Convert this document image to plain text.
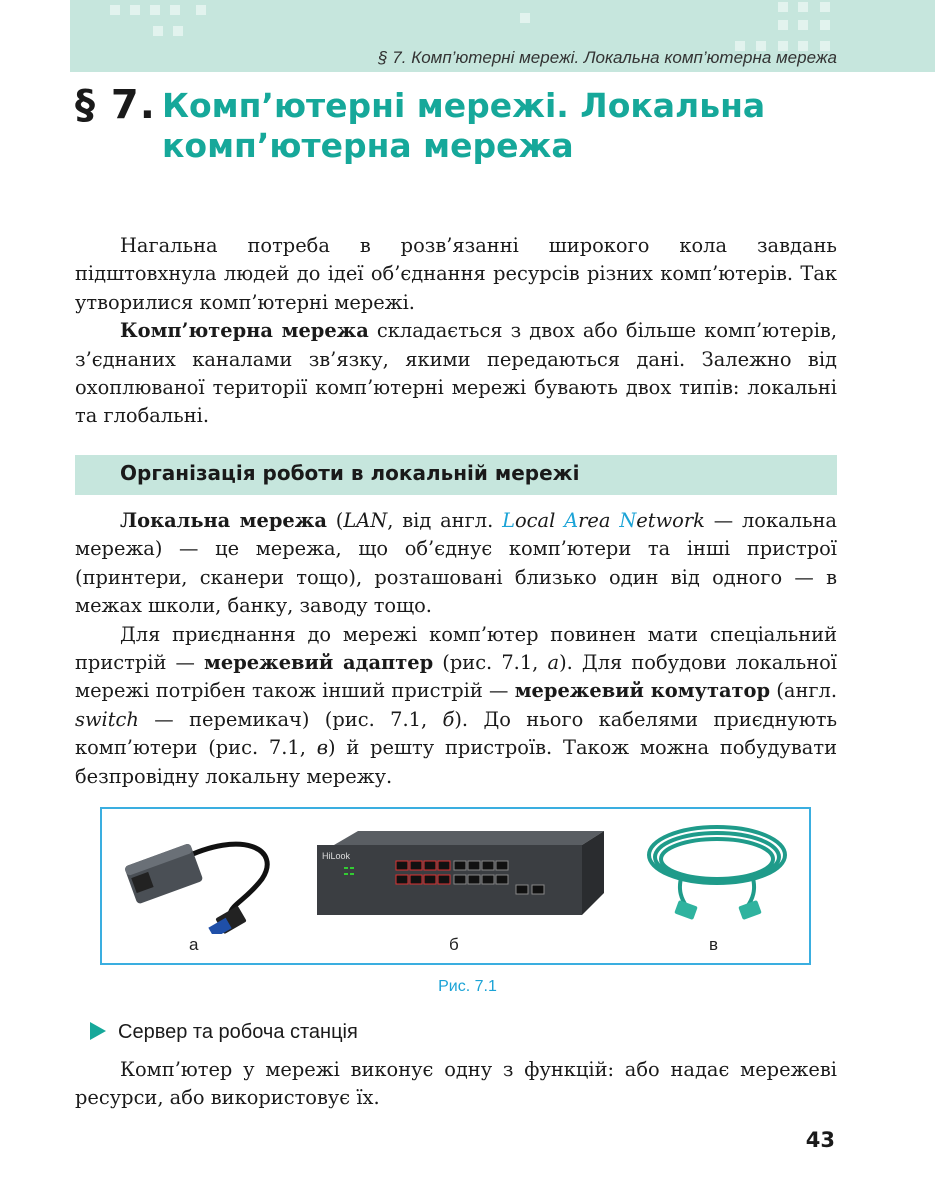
§ 7. Комп’ютерні мережі. Локальна комп’ютерна мережа
§ 7. Комп’ютерні мережі. Локальна
комп’ютерна мережа

Нагальна потреба в розв’язанні широкого кола завдань підштовхнула людей до ідеї об’єднання ресурсів різних комп’ютерів. Так утворилися комп’ютерні мережі.

Комп’ютерна мережа складається з двох або більше комп’ютерів, з’єднаних каналами зв’язку, якими передаються дані. Залежно від охоплюваної території комп’ютерні мережі бувають двох типів: локальні та глобальні.

Організація роботи в локальній мережі

Локальна мережа (LAN, від англ. Local Area Network — локальна мережа) — це мережа, що об’єднує комп’ютери та інші пристрої (принтери, сканери тощо), розташовані близько один від одного — в межах школи, банку, заводу тощо.

Для приєднання до мережі комп’ютер повинен мати спеціальний пристрій — мережевий адаптер (рис. 7.1, а). Для побудови локальної мережі потрібен також інший пристрій — мережевий комутатор (англ. switch — перемикач) (рис. 7.1, б). До нього кабелями приєднують комп’ютери (рис. 7.1, в) й решту пристроїв. Також можна побудувати безпровідну локальну мережу.

а
HiLook
б	в
Рис. 7.1
Сервер та робоча станція

Комп’ютер у мережі виконує одну з функцій: або надає мережеві ресурси, або використовує їх.

43
